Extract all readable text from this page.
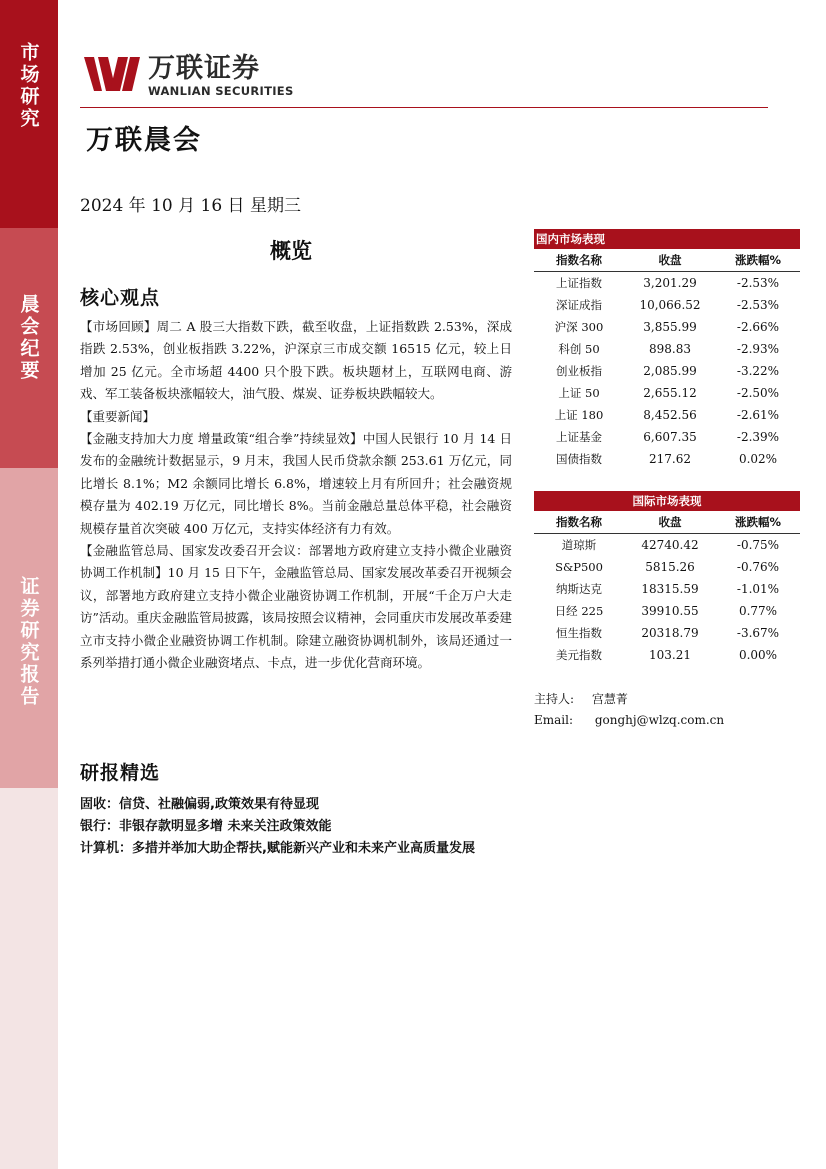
市场研究
晨会纪要
证券研究报告
万联证券
WANLIAN SECURITIES
万联晨会
2024 年 10 月 16 日 星期三
概览
核心观点

【市场回顾】周二 A 股三大指数下跌，截至收盘，上证指数跌 2.53%，深成指跌 2.53%，创业板指跌 3.22%，沪深京三市成交额 16515 亿元，较上日增加 25 亿元。全市场超 4400 只个股下跌。板块题材上，互联网电商、游戏、军工装备板块涨幅较大，油气股、煤炭、证券板块跌幅较大。

【重要新闻】

【金融支持加大力度 增量政策“组合拳”持续显效】中国人民银行 10 月 14 日发布的金融统计数据显示，9 月末，我国人民币贷款余额 253.61 万亿元，同比增长 8.1%；M2 余额同比增长 6.8%，增速较上月有所回升；社会融资规模存量为 402.19 万亿元，同比增长 8%。当前金融总量总体平稳，社会融资规模存量首次突破 400 万亿元，支持实体经济有力有效。

【金融监管总局、国家发改委召开会议：部署地方政府建立支持小微企业融资协调工作机制】10 月 15 日下午，金融监管总局、国家发展改革委召开视频会议，部署地方政府建立支持小微企业融资协调工作机制，开展“千企万户大走访”活动。重庆金融监管局披露，该局按照会议精神，会同重庆市发展改革委建立市支持小微企业融资协调工作机制。除建立融资协调机制外，该局还通过一系列举措打通小微企业融资堵点、卡点，进一步优化营商环境。

研报精选

固收：信贷、社融偏弱,政策效果有待显现

银行：非银存款明显多增 未来关注政策效能

计算机：多措并举加大助企帮扶,赋能新兴产业和未来产业高质量发展

国内市场表现
指数名称	收盘	涨跌幅%
上证指数	3,201.29	-2.53%
深证成指	10,066.52	-2.53%
沪深 300	3,855.99	-2.66%
科创 50	898.83	-2.93%
创业板指	2,085.99	-3.22%
上证 50	2,655.12	-2.50%
上证 180	8,452.56	-2.61%
上证基金	6,607.35	-2.39%
国债指数	217.62	0.02%
国际市场表现
指数名称	收盘	涨跌幅%
道琼斯	42740.42	-0.75%
S&P500	5815.26	-0.76%
纳斯达克	18315.59	-1.01%
日经 225	39910.55	0.77%
恒生指数	20318.79	-3.67%
美元指数	103.21	0.00%
主持人: 宫慧菁
Email: gonghj@wlzq.com.cn
